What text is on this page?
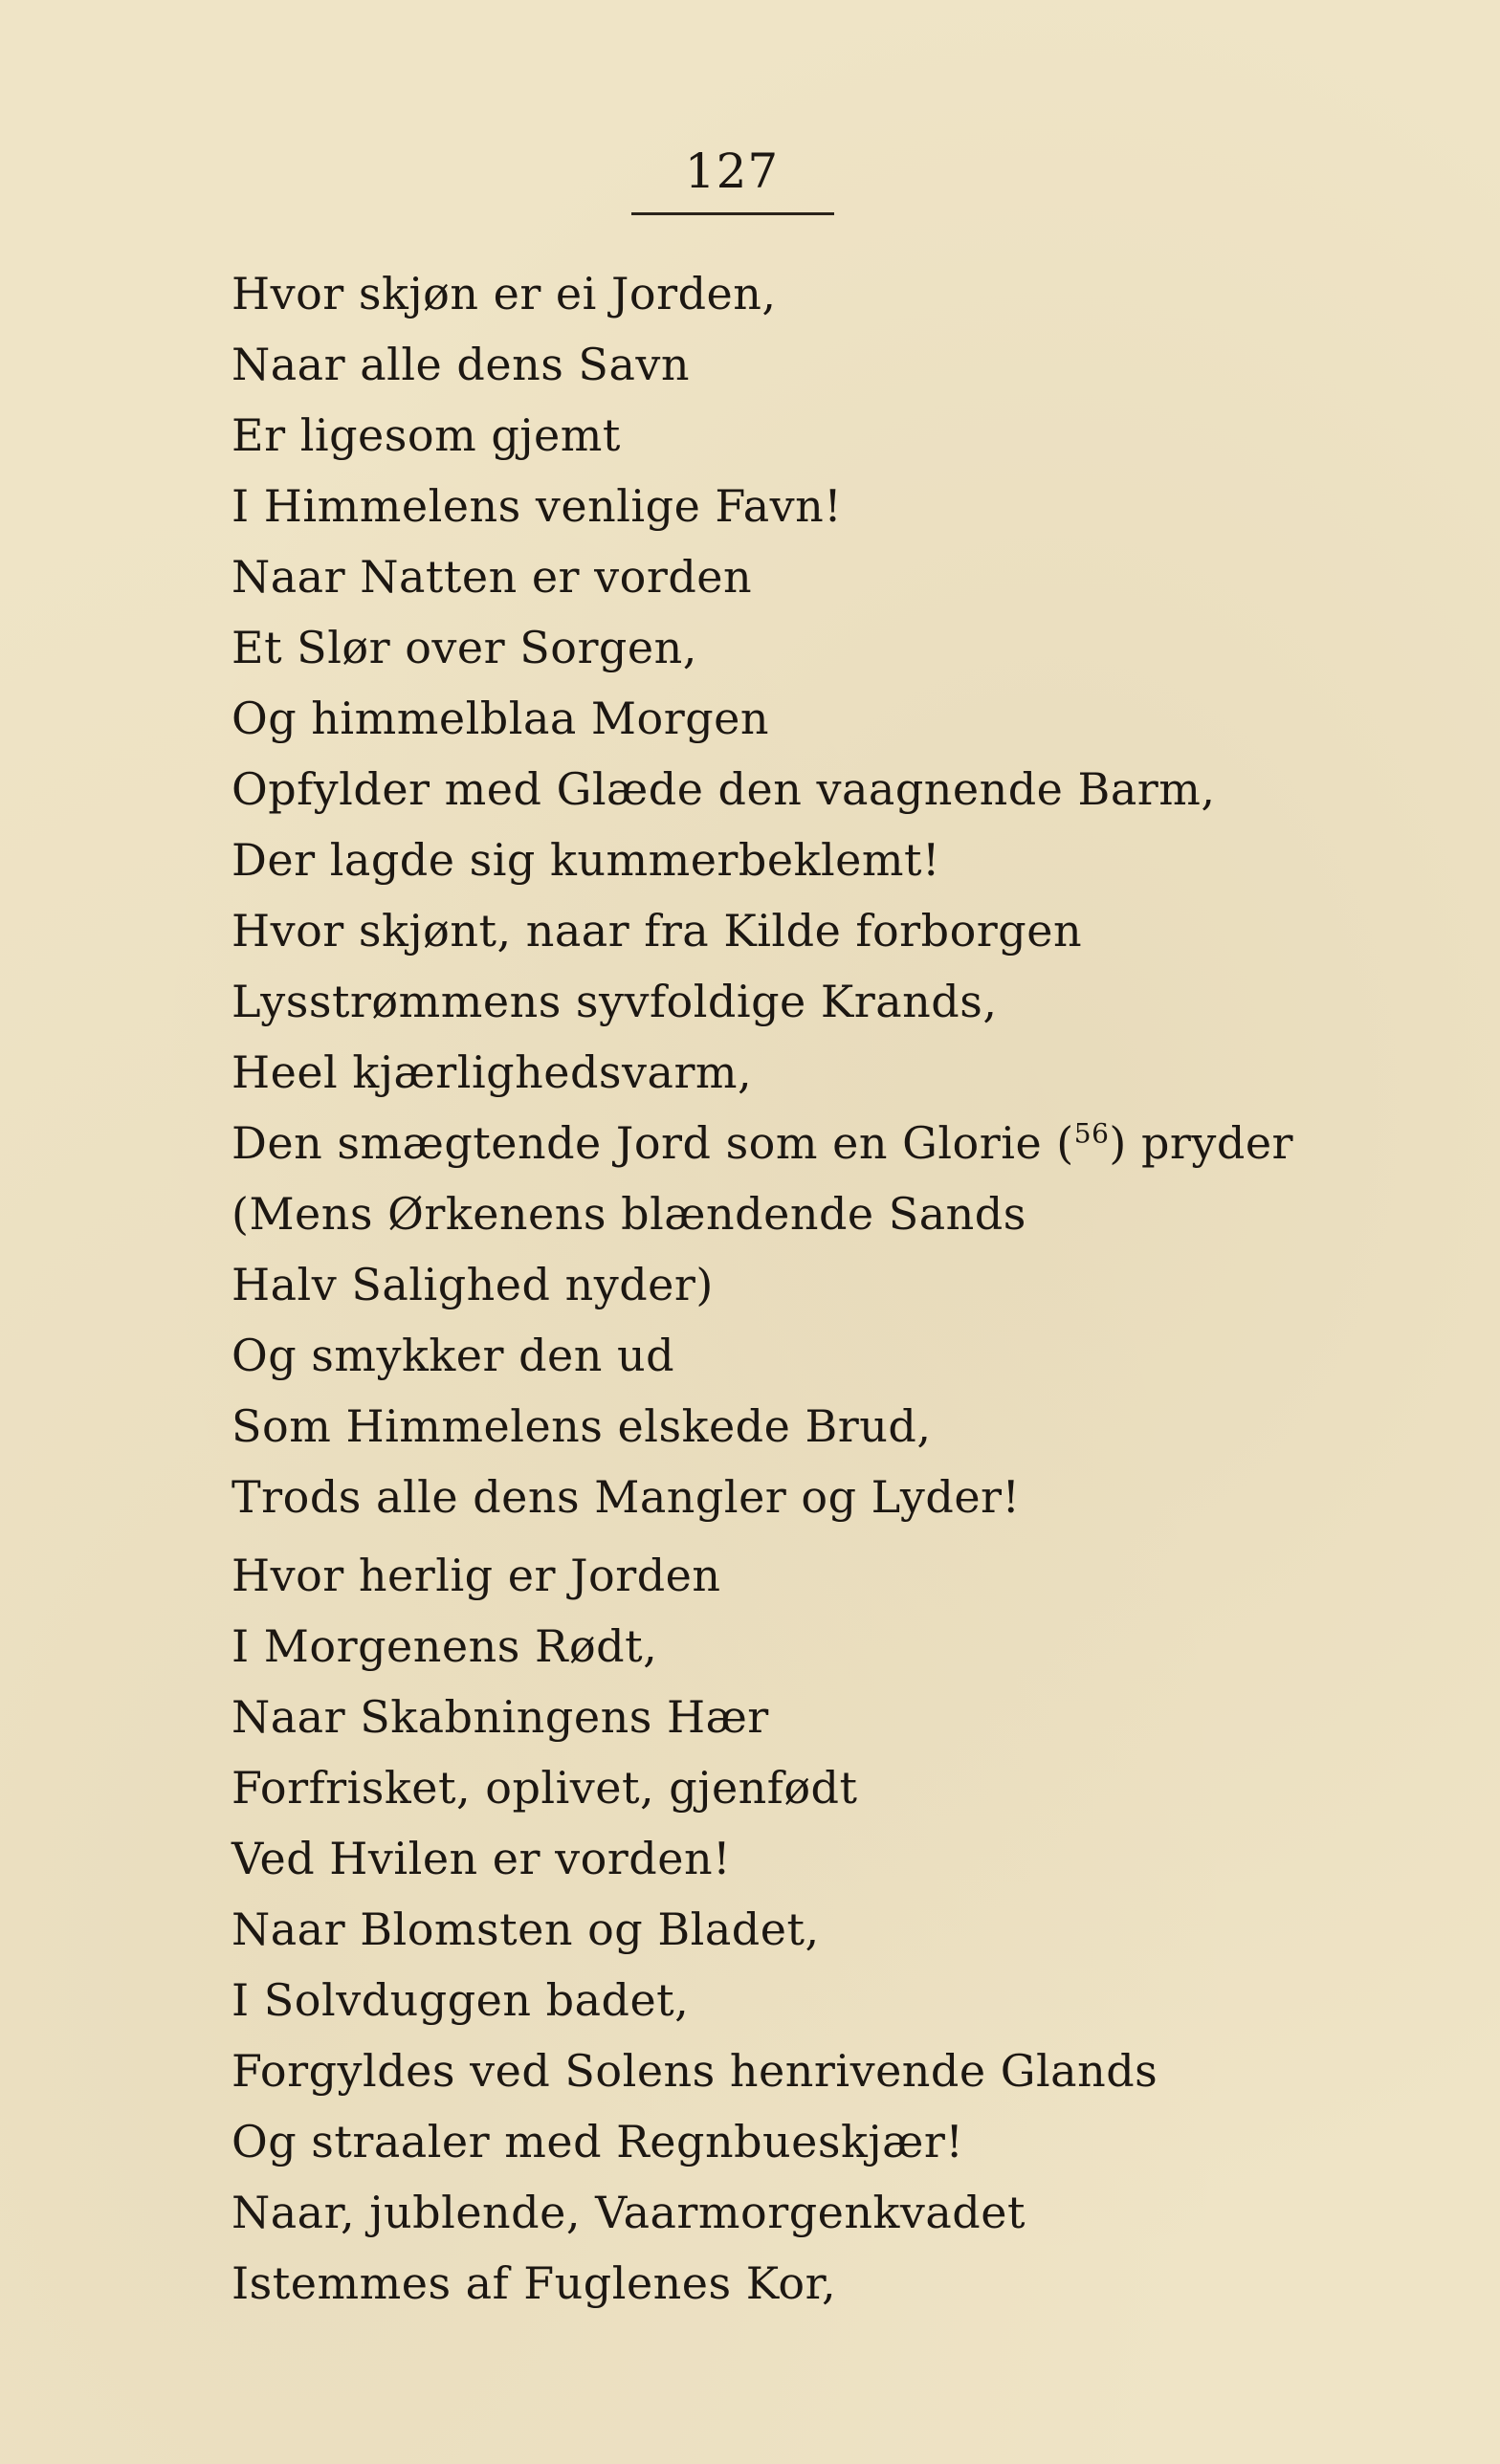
127
Hvor skjøn er ei Jorden,
Naar alle dens Savn
Er ligesom gjemt
I Himmelens venlige Favn!
Naar Natten er vorden
Et Slør over Sorgen,
Og himmelblaa Morgen
Opfylder med Glæde den vaagnende Barm,
Der lagde sig kummerbeklemt!
Hvor skjønt, naar fra Kilde forborgen
Lysstrømmens syvfoldige Krands,
Heel kjærlighedsvarm,
Den smægtende Jord som en Glorie ($^{56}$) pryder
(Mens Ørkenens blændende Sands
Halv Salighed nyder)
Og smykker den ud
Som Himmelens elskede Brud,
Trods alle dens Mangler og Lyder!
Hvor herlig er Jorden
I Morgenens Rødt,
Naar Skabningens Hær
Forfrisket, oplivet, gjenfødt
Ved Hvilen er vorden!
Naar Blomsten og Bladet,
I Solvduggen badet,
Forgyldes ved Solens henrivende Glands
Og straaler med Regnbueskjær!
Naar, jublende, Vaarmorgenkvadet
Istemmes af Fuglenes Kor,
